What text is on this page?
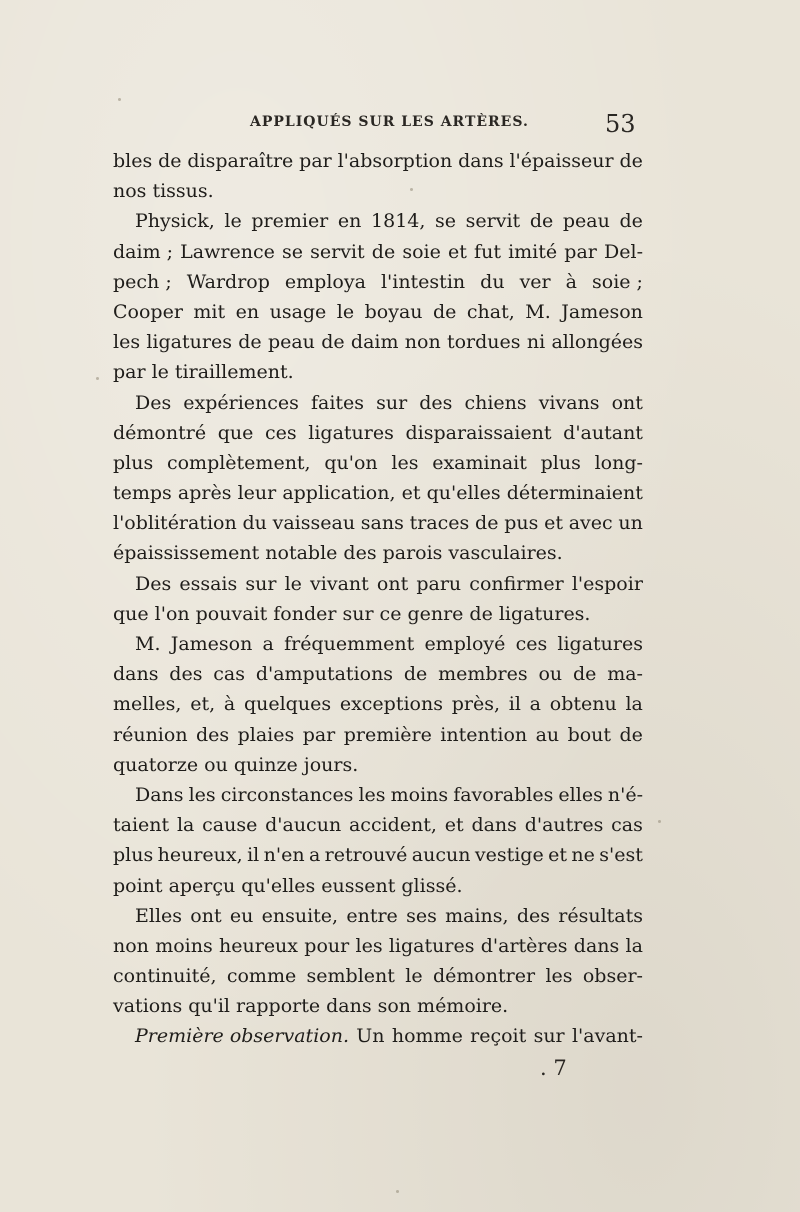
APPLIQUÉS SUR LES ARTÈRES.	53
bles de disparaître par l'absorption dans l'épaisseur de
nos tissus.
Physick, le premier en 1814, se servit de peau de
daim ; Lawrence se servit de soie et fut imité par Del-
pech ; Wardrop employa l'intestin du ver à soie ;
Cooper mit en usage le boyau de chat, M. Jameson
les ligatures de peau de daim non tordues ni allongées
par le tiraillement.
Des expériences faites sur des chiens vivans ont
démontré que ces ligatures disparaissaient d'autant
plus complètement, qu'on les examinait plus long-
temps après leur application, et qu'elles déterminaient
l'oblitération du vaisseau sans traces de pus et avec un
épaississement notable des parois vasculaires.
Des essais sur le vivant ont paru confirmer l'espoir
que l'on pouvait fonder sur ce genre de ligatures.
M. Jameson a fréquemment employé ces ligatures
dans des cas d'amputations de membres ou de ma-
melles, et, à quelques exceptions près, il a obtenu la
réunion des plaies par première intention au bout de
quatorze ou quinze jours.
Dans les circonstances les moins favorables elles n'é-
taient la cause d'aucun accident, et dans d'autres cas
plus heureux, il n'en a retrouvé aucun vestige et ne s'est
point aperçu qu'elles eussent glissé.
Elles ont eu ensuite, entre ses mains, des résultats
non moins heureux pour les ligatures d'artères dans la
continuité, comme semblent le démontrer les obser-
vations qu'il rapporte dans son mémoire.
Première observation. Un homme reçoit sur l'avant-
. 7
